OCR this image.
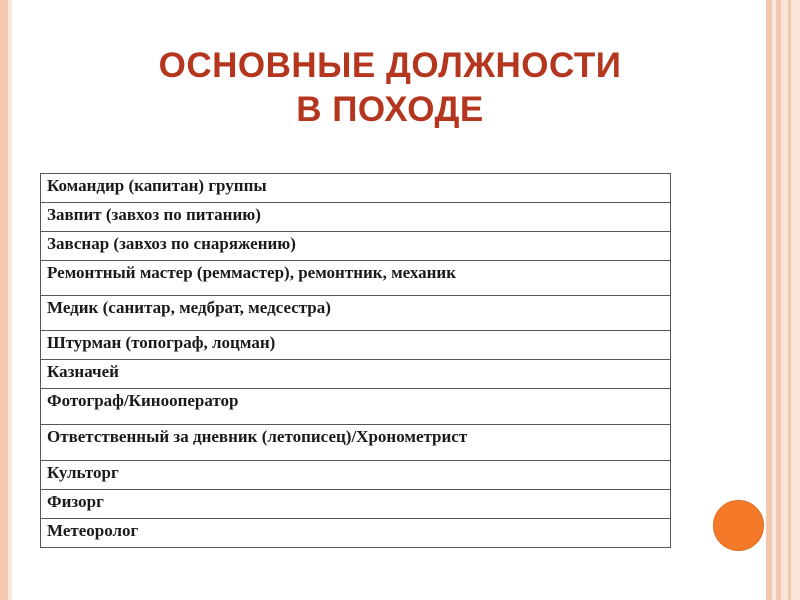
ОСНОВНЫЕ ДОЛЖНОСТИ
В ПОХОДЕ
Командир (капитан) группы
Завпит (завхоз по питанию)
Завснар (завхоз по снаряжению)
Ремонтный мастер (реммастер), ремонтник, механик
Медик (санитар, медбрат, медсестра)
Штурман (топограф, лоцман)
Казначей
Фотограф/Кинооператор
Ответственный за дневник (летописец)/Хронометрист
Культорг
Физорг
Метеоролог
